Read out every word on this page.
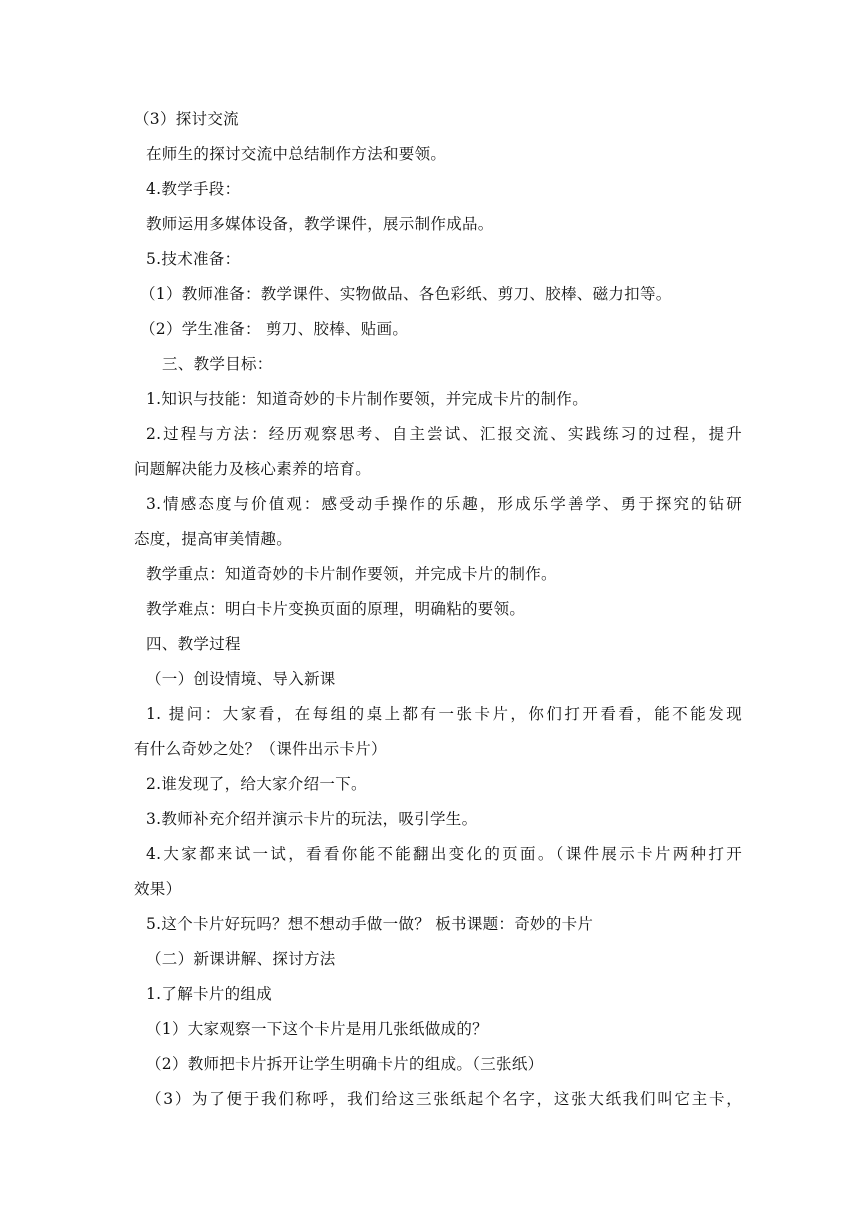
（3）探讨交流
在师生的探讨交流中总结制作方法和要领。
4.教学手段：
教师运用多媒体设备，教学课件，展示制作成品。
5.技术准备：
（1）教师准备：教学课件、实物做品、各色彩纸、剪刀、胶棒、磁力扣等。
（2）学生准备： 剪刀、胶棒、贴画。
三、教学目标：
1.知识与技能：知道奇妙的卡片制作要领，并完成卡片的制作。
2.过程与方法：经历观察思考、自主尝试、汇报交流、实践练习的过程，提升
问题解决能力及核心素养的培育。
3.情感态度与价值观：感受动手操作的乐趣，形成乐学善学、勇于探究的钻研
态度，提高审美情趣。
教学重点：知道奇妙的卡片制作要领，并完成卡片的制作。
教学难点：明白卡片变换页面的原理，明确粘的要领。
四、教学过程
（一）创设情境、导入新课
1. 提问：大家看，在每组的桌上都有一张卡片，你们打开看看，能不能发现
有什么奇妙之处？（课件出示卡片）
2.谁发现了，给大家介绍一下。
3.教师补充介绍并演示卡片的玩法，吸引学生。
4.大家都来试一试，看看你能不能翻出变化的页面。（课件展示卡片两种打开
效果）
5.这个卡片好玩吗？想不想动手做一做？ 板书课题：奇妙的卡片
（二）新课讲解、探讨方法
1.了解卡片的组成
（1）大家观察一下这个卡片是用几张纸做成的？
（2）教师把卡片拆开让学生明确卡片的组成。（三张纸）
（3）为了便于我们称呼，我们给这三张纸起个名字，这张大纸我们叫它主卡，
